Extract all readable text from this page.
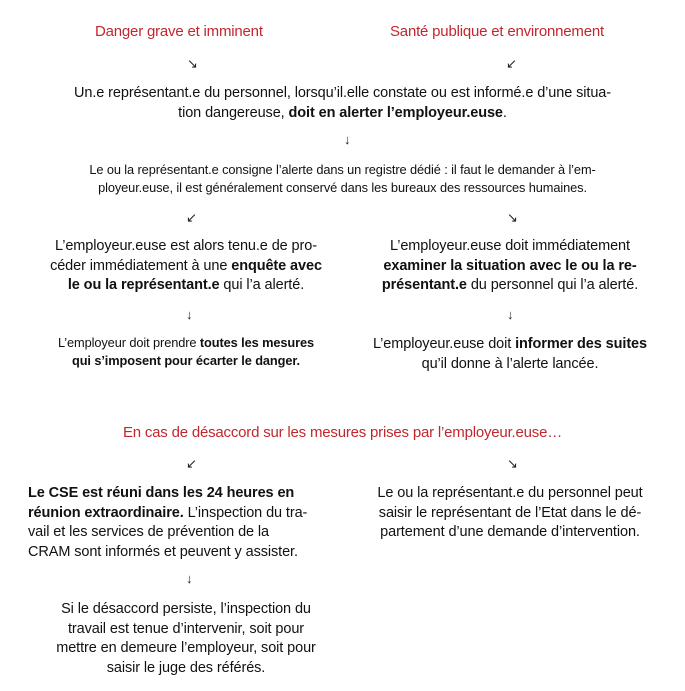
Danger grave et imminent	Santé publique et environnement
↘	↙
Un.e représentant.e du personnel, lorsqu’il.elle constate ou est informé.e d’une situa-
tion dangereuse, doit en alerter l’employeur.euse.
↓
Le ou la représentant.e consigne l’alerte dans un registre dédié : il faut le demander à l’em-
ployeur.euse, il est généralement conservé dans les bureaux des ressources humaines.
↙	↘
L’employeur.euse est alors tenu.e de pro-
céder immédiatement à une enquête avec
le ou la représentant.e qui l’a alerté.
L’employeur.euse doit immédiatement
examiner la situation avec le ou la re-
présentant.e du personnel qui l’a alerté.
↓	↓
L’employeur doit prendre toutes les mesures
qui s’imposent pour écarter le danger.
L’employeur.euse doit informer des suites
qu’il donne à l’alerte lancée.
En cas de désaccord sur les mesures prises par l’employeur.euse…
↙	↘
Le CSE est réuni dans les 24 heures en
réunion extraordinaire. L’inspection du tra-
vail et les services de prévention de la
CRAM sont informés et peuvent y assister.
Le ou la représentant.e du personnel peut
saisir le représentant de l’Etat dans le dé-
partement d’une demande d’intervention.
↓
Si le désaccord persiste, l’inspection du
travail est tenue d’intervenir, soit pour
mettre en demeure l’employeur, soit pour
saisir le juge des référés.
